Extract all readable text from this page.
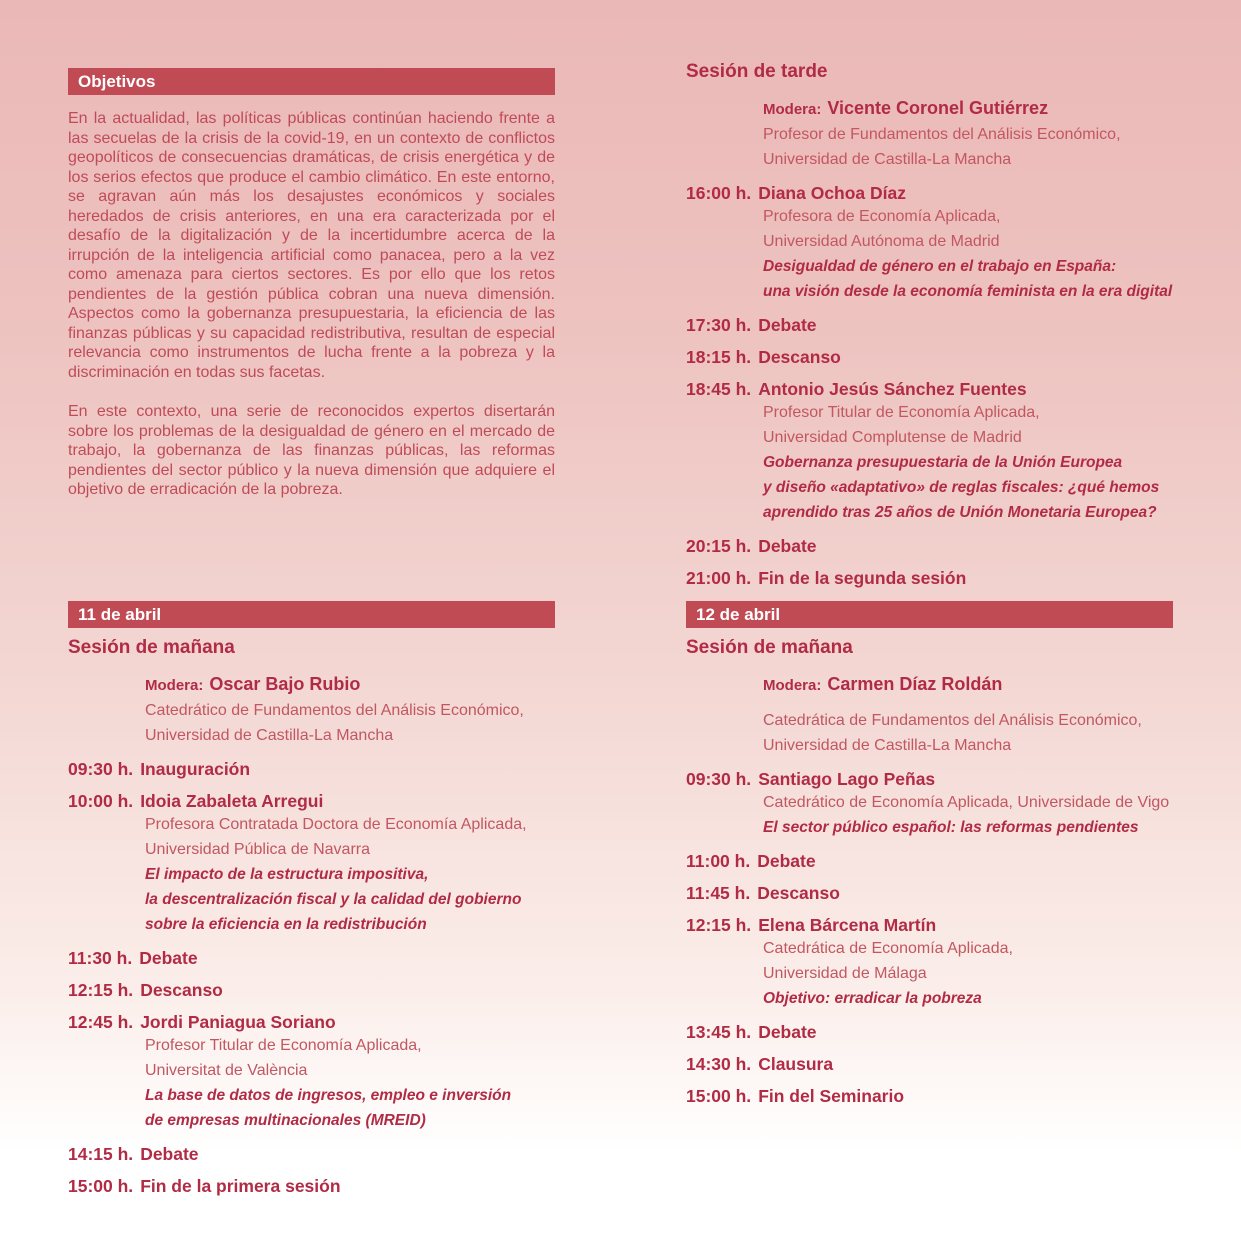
Objetivos
En la actualidad, las políticas públicas continúan haciendo frente a las secuelas de la crisis de la covid-19, en un contexto de conflictos geopolíticos de consecuencias dramáticas, de crisis energética y de los serios efectos que produce el cambio climático. En este entorno, se agravan aún más los desajustes económicos y sociales heredados de crisis anteriores, en una era caracterizada por el desafío de la digitalización y de la incertidumbre acerca de la irrupción de la inteligencia artificial como panacea, pero a la vez como amenaza para ciertos sectores. Es por ello que los retos pendientes de la gestión pública cobran una nueva dimensión. Aspectos como la gobernanza presupuestaria, la eficiencia de las finanzas públicas y su capacidad redistributiva, resultan de especial relevancia como instrumentos de lucha frente a la pobreza y la discriminación en todas sus facetas.
En este contexto, una serie de reconocidos expertos disertarán sobre los problemas de la desigualdad de género en el mercado de trabajo, la gobernanza de las finanzas públicas, las reformas pendientes del sector público y la nueva dimensión que adquiere el objetivo de erradicación de la pobreza.
11 de abril
Sesión de mañana
Modera: Oscar Bajo Rubio
Catedrático de Fundamentos del Análisis Económico,
Universidad de Castilla-La Mancha
09:30 h. Inauguración
10:00 h. Idoia Zabaleta Arregui
Profesora Contratada Doctora de Economía Aplicada,
Universidad Pública de Navarra
El impacto de la estructura impositiva,
la descentralización fiscal y la calidad del gobierno
sobre la eficiencia en la redistribución
11:30 h. Debate
12:15 h. Descanso
12:45 h. Jordi Paniagua Soriano
Profesor Titular de Economía Aplicada,
Universitat de València
La base de datos de ingresos, empleo e inversión
de empresas multinacionales (MREID)
14:15 h. Debate
15:00 h. Fin de la primera sesión
Sesión de tarde
Modera: Vicente Coronel Gutiérrez
Profesor de Fundamentos del Análisis Económico,
Universidad de Castilla-La Mancha
16:00 h. Diana Ochoa Díaz
Profesora de Economía Aplicada,
Universidad Autónoma de Madrid
Desigualdad de género en el trabajo en España:
una visión desde la economía feminista en la era digital
17:30 h. Debate
18:15 h. Descanso
18:45 h. Antonio Jesús Sánchez Fuentes
Profesor Titular de Economía Aplicada,
Universidad Complutense de Madrid
Gobernanza presupuestaria de la Unión Europea
y diseño «adaptativo» de reglas fiscales: ¿qué hemos
aprendido tras 25 años de Unión Monetaria Europea?
20:15 h. Debate
21:00 h. Fin de la segunda sesión
12 de abril
Sesión de mañana
Modera: Carmen Díaz Roldán
Catedrática de Fundamentos del Análisis Económico,
Universidad de Castilla-La Mancha
09:30 h. Santiago Lago Peñas
Catedrático de Economía Aplicada, Universidade de Vigo
El sector público español: las reformas pendientes
11:00 h. Debate
11:45 h. Descanso
12:15 h. Elena Bárcena Martín
Catedrática de Economía Aplicada,
Universidad de Málaga
Objetivo: erradicar la pobreza
13:45 h. Debate
14:30 h. Clausura
15:00 h. Fin del Seminario
